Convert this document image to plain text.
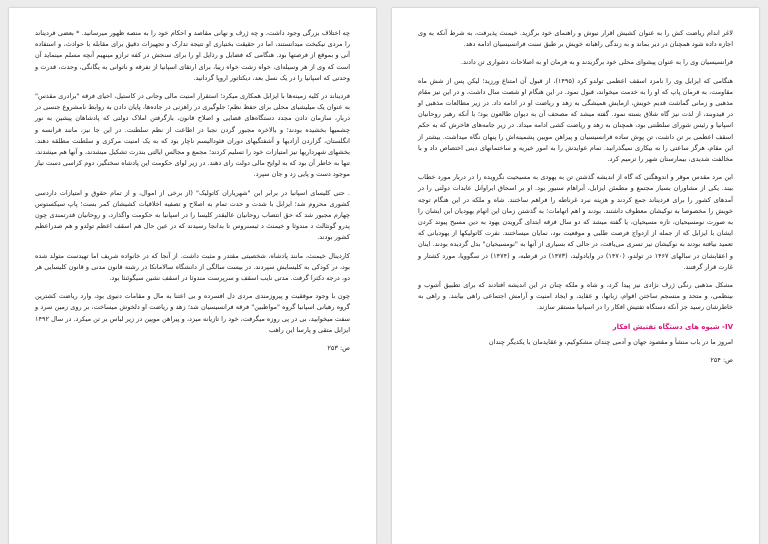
چه اختلاف بزرگی وجود داشت، و چه ژرف و نهانی مقاصد و احکام خود را به منصه ظهور میرسانید. * بعضی فردیناند را مردی نیکبخت میدانستند، اما در حقیقت بختیاری او نتیجه تدارک و تجهیزات دقیق برای مقابله با حوادث، و استفاده آنی و بموقع از فرصتها بود. هنگامی که فضایل و رذایل او را برای سنجش در کفه ترازو مینهیم آنچه مسلم مینماید آن است که وی از هر وسیله‌ای، خواه زشت خواه زیبا، برای ارتقای اسپانیا از تفرقه و ناتوانی به یگانگی، وحدت، قدرت و وحدتی که اسپانیا را در یک نسل بعد، دیکتاتور اروپا گردانید.

فردیناند در کلیه زمینه‌ها با ایزابل همکاری میکرد؛ استقرار امنیت مالی وجانی در کاستیل، احیای فرقه "برادری مقدس" به عنوان یک میلیشیای محلی برای حفظ نظم؛ جلوگیری در راهزنی در جاده‌ها، پایان دادن به روابط نامشروع جنسی در دربار، سازمان دادن مجدد دستگاه‌های قضایی و اصلاح قانون، بازگرفتن املاک دولتی که پادشاهان پیشین به نور چشمیها بخشیده بودند؛ و بالاخره مجبور گردن نجبا در اطاعت از نظم سلطنت. در این جا نیز، مانند فرانسه و انگلستان، گزاردن آزادیها و آشفتگیهای دوران فئودالیسم ناچار بود که به یک امنیت مرکزی و سلطنت مطلقه دهند. بخشهای شهرداریها نیز امتیازات خود را تسلیم کردند؛ مجمع و مجالس ایالتی بندرت تشکیل میشدند، و آنها هم میشدند، تنها به خاطر آن بود که به لوایح مالی دولت رای دهند. در زیر لوای حکومت این پادشاه سختگیر، دوم کراسی دست نیاز موجود دست و پایی زد و جان سپرد.

. حتی کلیسای اسپانیا در برابر این "شهریاران کاتولیک" (از برخی از اموال، و از تمام حقوق و امتیازات داردسی کشوری محروم شد؛ ایزابل با شدت و حدت تمام به اصلاح و تصفیه اخلاقیات کشیشان کمر بست؛ پاپ سیکستوس چهارم مجبور شد که حق انتصاب روحانیان عالیقدر کلیسا را در اسپانیا به حکومت واگذارد، و روحانیان قدرتمندی چون پدرو گونثالث د مندوثا و خیمنث د ثیسنروس تا بدانجا رسیدند که در عین حال هم اسقف اعظم تولدو و هم صدراعظم کشور بودند.

کاردینال خیمنث، مانند پادشاه، شخصیتی مقتدر و مثبت داشت. از آنجا که در خانواده شریف اما تهیدست متولد شده بود، در کودکی به کلیسایش سپردند. در بیست سالگی از دانشگاه سالامانکا در رشته قانون مدنی و قانون کلیسایی هر دو، درجه دکترا گرفت. مدتی نایب اسقف و سرپرست مندوثا در اسقف نشین سیگوئنثا بود.

چون با وجود موفقیت و پیروزمندی مردی دل افسرده و بی اعتنا به مال و مقامات دنیوی بود، وارد ریاضت کشترین گروه رهبانی اسپانیا گروه "مواظبین" فرقه فرانسیسیان شد؛ زهد و ریاضت او دلخوش میساخت، بر روی زمین سرد و سفت میخوابید، بی در پی روزه میگرفت، خود را تازیانه میزد، و پیراهن مویین در زیر لباس بر تن میکرد. در سال ۱۴۹۲ ایزابل متقی و پارسا این راهب

ص: ۲۵۳

لاغر اندام ریاضت کش را به عنوان کشیش اقرار نیوش و راهنمای خود برگزید. خیمنث پذیرفت، به شرط آنکه به وی اجازه داده شود همچنان در دیر بماند و به زندگی راهبانه خویش بر طبق سنت فرانسیسیان ادامه دهد.

فرانسیسیان وی را به عنوان پیشوای محلی خود برگزیدند و به فرمان او به اصلاحات دشواری تن دادند.

هنگامی که ایزابل وی را نامزد اسقف اعظمی تولدو کرد (۱۴۹۵)، از قبول آن امتناع ورزید؛ لیکن پس از شش ماه مقاومت، به فرمان پاپ که او را به خدمت میخواند، قبول نمود. در این هنگام او شصت سال داشت، و در این نیز مقام مذهبی و زمانی گماشت قدیم خویش، ازمایش همیشگی به زهد و ریاضت او در ادامه داد. در زیر مطالعات مذهبی او در قیدوبند، از لذت نیز گاه شلاق بسته نمود. گفته میشد که مصحف آن به دیوان طالعون بود؛ با آنکه رهبر روحانیان اسپانیا و رئیس شورای سلطنتی بود، همچنان به زهد و ریاضت کشی ادامه میداد. در زیر جامه‌های فاخرش که به حکم اسقف اعظمی بر تن داشت، تن پوش ساده فرانسیسیان و پیراهن مویین پشمینه‌اش را پنهان نگاه میداشت. بیشتر از این مقام، هرگز ساعتی را به بیکاری نمیگذرانید. تمام عوایدش را به امور خیریه و ساختمانهای دینی اختصاص داد و با مخالفت شدیدی، بیمارستان شهر را ترمیم کرد.

این مرد مقدس موقر و اندوهگنی که گاه از اندیشه گذشتن تن به یهودی به مسیحیت نگرویده را در دربار مورد خطاب بیند. یکی از مشاوران بسیار مجتمع و مطمئن ایزابل، آبراهام سنیور بود. او بر اسحاق ابراوانل عایدات دولتی را در آمدهای کشور را برای فردیناند جمع کردند و هزینه نبرد غرناطه را فراهم ساختند. شاه و ملکه در این هنگام توجه خویش را مخصوصا به نوکیشان معطوف داشتند. بودند و اهم اتهامات؛ به گذشتن زمان این اتهام یهودیان این ایشان را به صورت نومسیحیان، تازه مسیحیان، یا گفته میشد که دو سال فرقه ابتدای گرویدن یهود به دین مسیح پیوند کردن ایشان با ایزابل که از جمله از ازدواج فرصت طلبی و موقعیت بود، نمایان میساختند. نفرت کاتولیکها از یهودیانی که تعمید نیافته بودند به نوکیشان نیز تسری می‌یافت، در حالی که بسیاری از آنها به "نومسیحیان" بدل گردیده بودند. اینان و اعقابشان در سالهای ۱۴۶۷ در تولدو، (۱۴۷۰) در وایادولید، (۱۴۷۳) در قرطبه، و (۱۴۷۴) در سگوویا، مورد کشتار و غارت قرار گرفتند.

مشکل مذهبی رنگی ژرف نژادی نیز پیدا کرد، و شاه و ملکه چنان در این اندیشه افتادند که برای تطبیق آشوب و بینظمی، و متحد و منسجم ساختن اقوام، زبانها، و عقاید، و ایجاد امنیت و آرامش اجتماعی راهی بیابند. و راهی به خاطرشان رسید جز آنکه دستگاه تفتیش افکار را در اسپانیا مستقر سازند.

IV- شیوه های دستگاه تفتیش افکار

امروز ما در باب منشأ و مقصود جهان و آدمی چندان مشکوکیم، و عقایدمان با یکدیگر چندان

ص: ۲۵۴
